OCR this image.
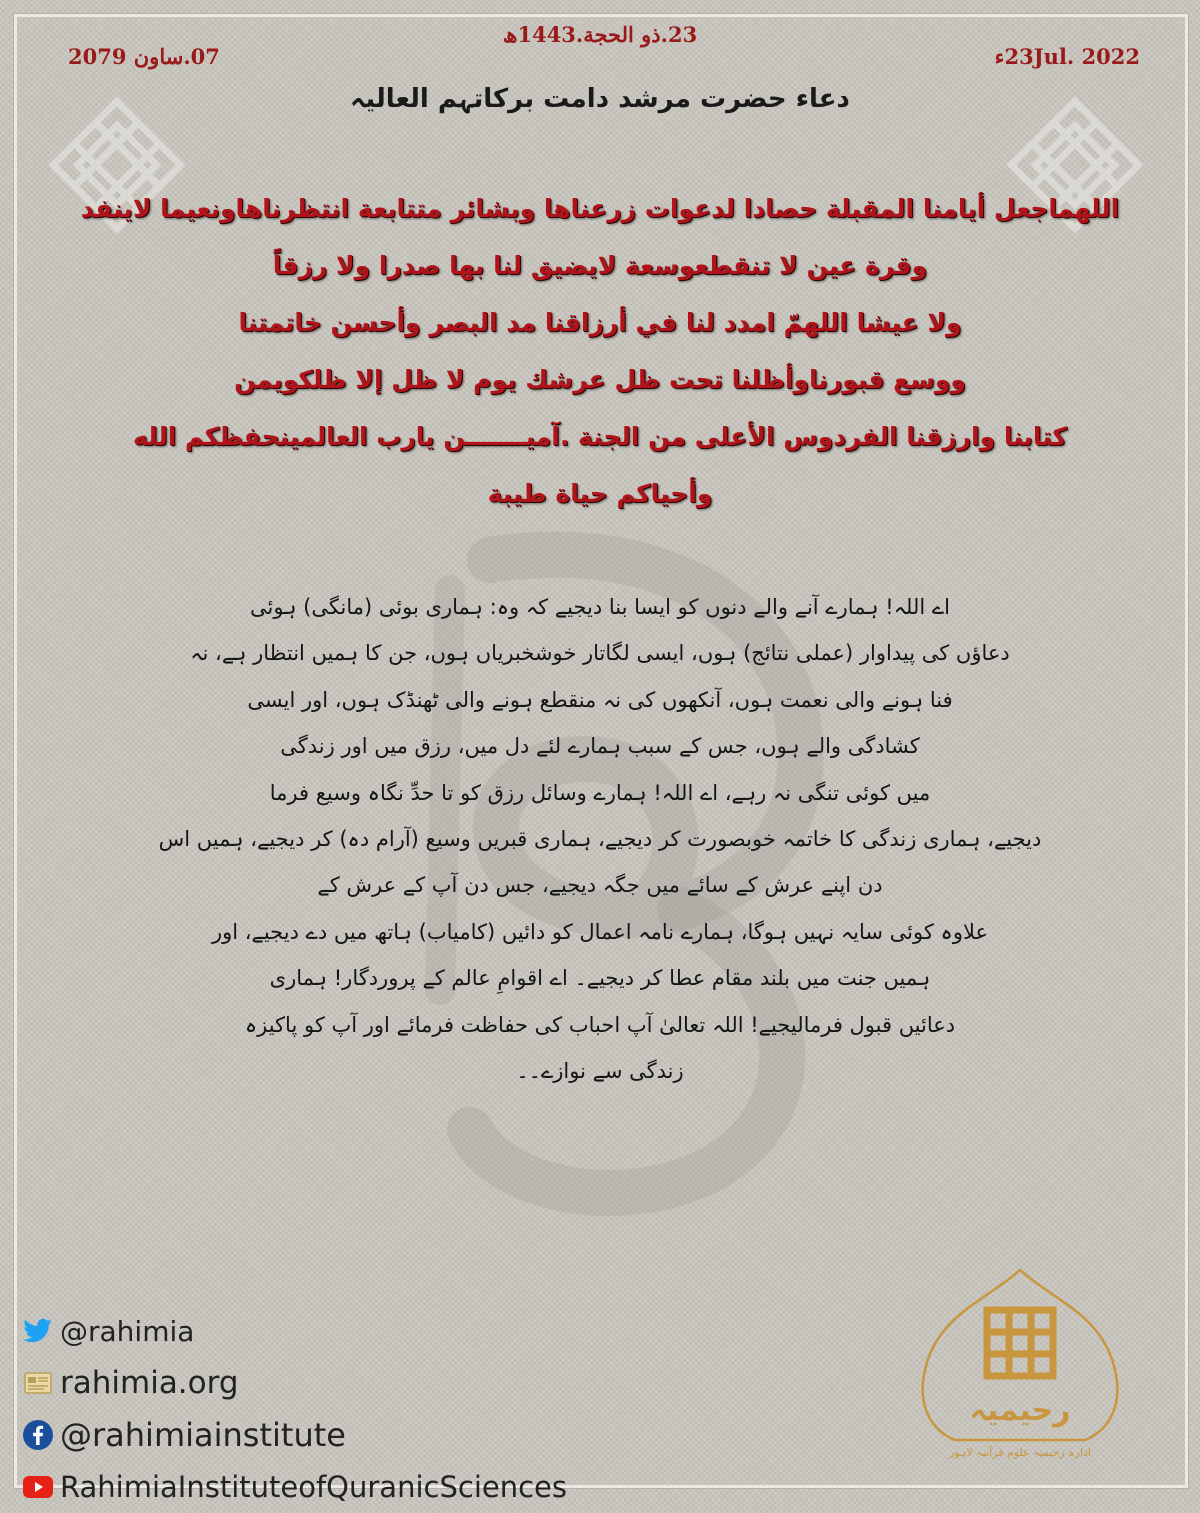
23.ذو الحجة.1443ھ
07.ساون 2079	23Jul. 2022ء
دعاء حضرت مرشد دامت برکاتہم العالیہ
اللهماجعل أيامنا المقبلة حصادا لدعوات زرعناها وبشائر متتابعة انتظرناهاونعيما لاينفد
وقرة عين لا تنقطعوسعة لايضيق لنا بها صدرا ولا رزقاً
ولا عيشا اللهمّ امدد لنا في أرزاقنا مد البصر وأحسن خاتمتنا
ووسع قبورناوأظلنا تحت ظل عرشك يوم لا ظل إلا ظلكويمن
كتابنا وارزقنا الفردوس الأعلى من الجنة .آميـــــــن يارب العالمينحفظكم الله
وأحياكم حياة طيبة
اے اللہ! ہمارے آنے والے دنوں کو ایسا بنا دیجیے کہ وہ: ہماری بوئی (مانگی) ہوئی
دعاؤں کی پیداوار (عملی نتائج) ہوں، ایسی لگاتار خوشخبریاں ہوں، جن کا ہمیں انتظار ہے، نہ
فنا ہونے والی نعمت ہوں، آنکھوں کی نہ منقطع ہونے والی ٹھنڈک ہوں، اور ایسی
کشادگی والے ہوں، جس کے سبب ہمارے لئے دل میں، رزق میں اور زندگی
میں کوئی تنگی نہ رہے، اے اللہ! ہمارے وسائل رزق کو تا حدِّ نگاہ وسیع فرما
دیجیے، ہماری زندگی کا خاتمہ خوبصورت کر دیجیے، ہماری قبریں وسیع (آرام دہ) کر دیجیے، ہمیں اس
دن اپنے عرش کے سائے میں جگہ دیجیے، جس دن آپ کے عرش کے
علاوہ کوئی سایہ نہیں ہوگا، ہمارے نامہ اعمال کو دائیں (کامیاب) ہاتھ میں دے دیجیے، اور
ہمیں جنت میں بلند مقام عطا کر دیجیے۔ اے اقوامِ عالم کے پروردگار! ہماری
دعائیں قبول فرمالیجیے! اللہ تعالیٰ آپ احباب کی حفاظت فرمائے اور آپ کو پاکیزہ
زندگی سے نوازے۔۔
@rahimia
rahimia.org
@rahimiainstitute
RahimiaInstituteofQuranicSciences
رحیمیہ
ادارہ رحیمیہ علوم قرآنیہ لاہور
